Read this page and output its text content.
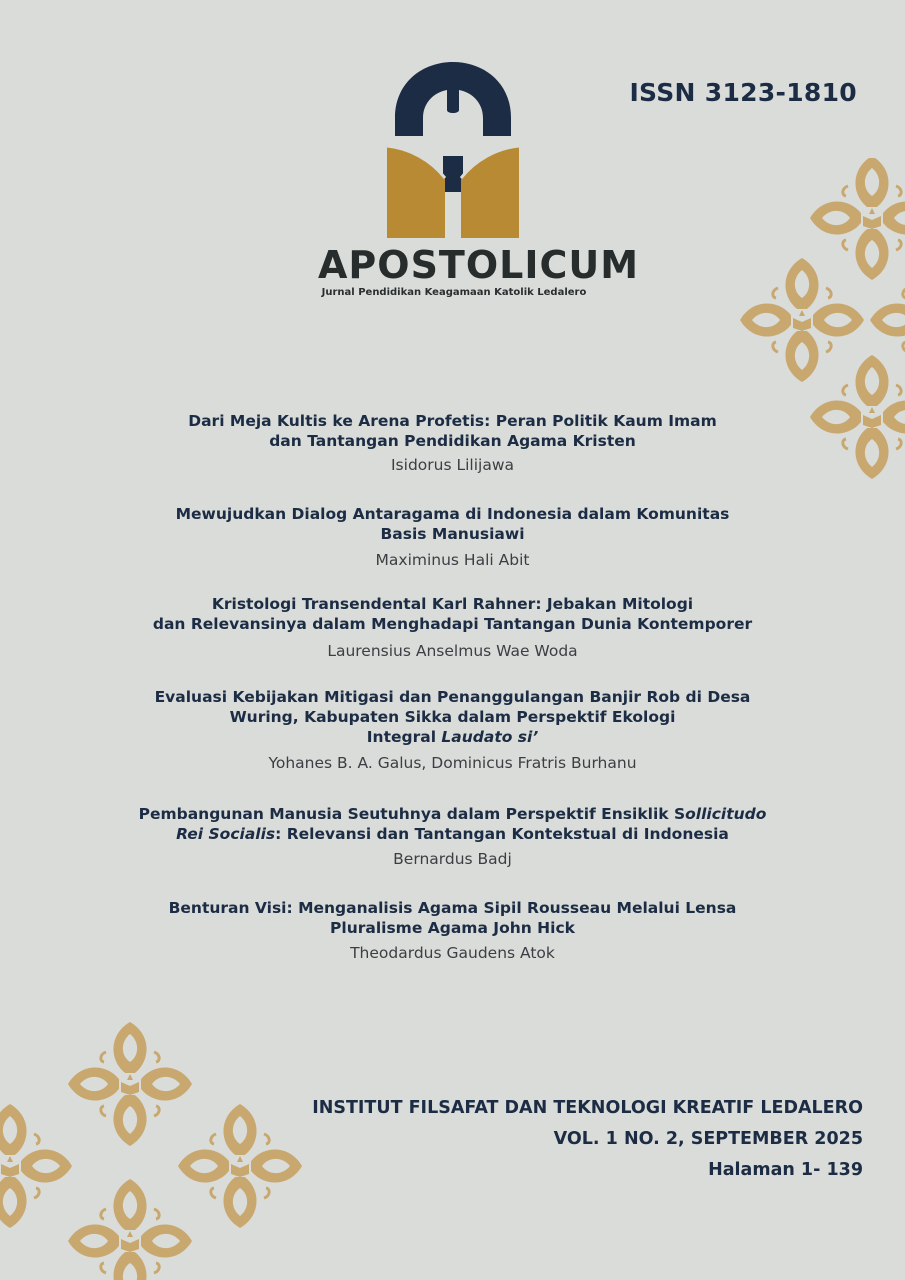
ISSN 3123-1810
APOSTOLICUM
Jurnal Pendidikan Keagamaan Katolik Ledalero
Dari Meja Kultis ke Arena Profetis: Peran Politik Kaum Imam
dan Tantangan Pendidikan Agama Kristen
Isidorus Lilijawa
Mewujudkan Dialog Antaragama di Indonesia dalam Komunitas
Basis Manusiawi
Maximinus Hali Abit
Kristologi Transendental Karl Rahner: Jebakan Mitologi
dan Relevansinya dalam Menghadapi Tantangan Dunia Kontemporer
Laurensius Anselmus Wae Woda
Evaluasi Kebijakan Mitigasi dan Penanggulangan Banjir Rob di Desa
Wuring, Kabupaten Sikka dalam Perspektif Ekologi
Integral Laudato si’
Yohanes B. A. Galus, Dominicus Fratris Burhanu
Pembangunan Manusia Seutuhnya dalam Perspektif Ensiklik Sollicitudo
Rei Socialis: Relevansi dan Tantangan Kontekstual di Indonesia
Bernardus Badj
Benturan Visi: Menganalisis Agama Sipil Rousseau Melalui Lensa
Pluralisme Agama John Hick
Theodardus Gaudens Atok
INSTITUT FILSAFAT DAN TEKNOLOGI KREATIF LEDALERO
VOL. 1 NO. 2, SEPTEMBER 2025
Halaman 1- 139
